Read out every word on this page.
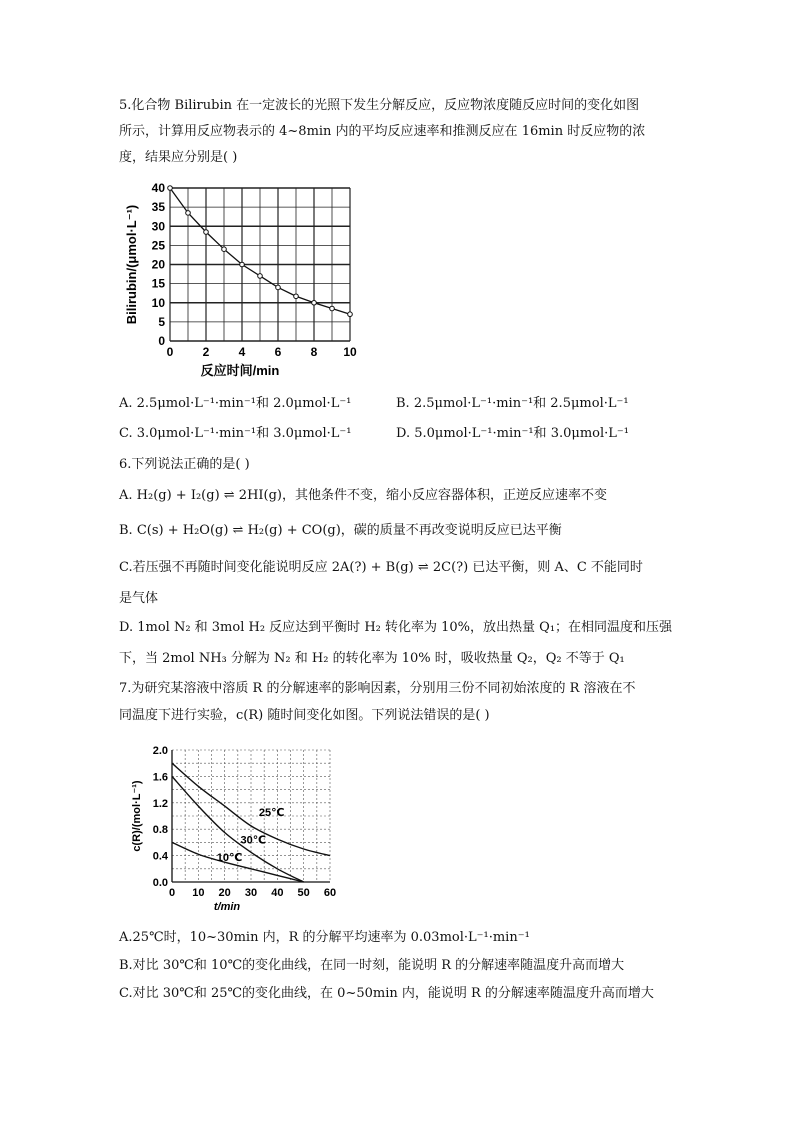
5.化合物 Bilirubin 在一定波长的光照下发生分解反应，反应物浓度随反应时间的变化如图
所示，计算用反应物表示的 4~8min 内的平均反应速率和推测反应在 16min 时反应物的浓
度，结果应分别是( )
0 2 4 6 8 10
0
5
10
15
20
25
30
35
40
反应时间/min
Bilirubin/(μmol·L⁻¹)
A. 2.5μmol·L⁻¹·min⁻¹和 2.0μmol·L⁻¹	B. 2.5μmol·L⁻¹·min⁻¹和 2.5μmol·L⁻¹
C. 3.0μmol·L⁻¹·min⁻¹和 3.0μmol·L⁻¹	D. 5.0μmol·L⁻¹·min⁻¹和 3.0μmol·L⁻¹
6.下列说法正确的是( )
A. H₂(g) + I₂(g) ⇌ 2HI(g)，其他条件不变，缩小反应容器体积，正逆反应速率不变
B. C(s) + H₂O(g) ⇌ H₂(g) + CO(g)，碳的质量不再改变说明反应已达平衡
C.若压强不再随时间变化能说明反应 2A(?) + B(g) ⇌ 2C(?) 已达平衡，则 A、C 不能同时
是气体
D. 1mol N₂ 和 3mol H₂ 反应达到平衡时 H₂ 转化率为 10%，放出热量 Q₁；在相同温度和压强
下，当 2mol NH₃ 分解为 N₂ 和 H₂ 的转化率为 10% 时，吸收热量 Q₂，Q₂ 不等于 Q₁
7.为研究某溶液中溶质 R 的分解速率的影响因素，分别用三份不同初始浓度的 R 溶液在不
同温度下进行实验，c(R) 随时间变化如图。下列说法错误的是( )
0 10 20 30 40 50 60
0.0
0.4
0.8
1.2
1.6
2.0
t/min
c(R)/(mol·L⁻¹)	25℃
30℃
10℃
A.25℃时，10~30min 内，R 的分解平均速率为 0.03mol·L⁻¹·min⁻¹
B.对比 30℃和 10℃的变化曲线，在同一时刻，能说明 R 的分解速率随温度升高而增大
C.对比 30℃和 25℃的变化曲线，在 0~50min 内，能说明 R 的分解速率随温度升高而增大
